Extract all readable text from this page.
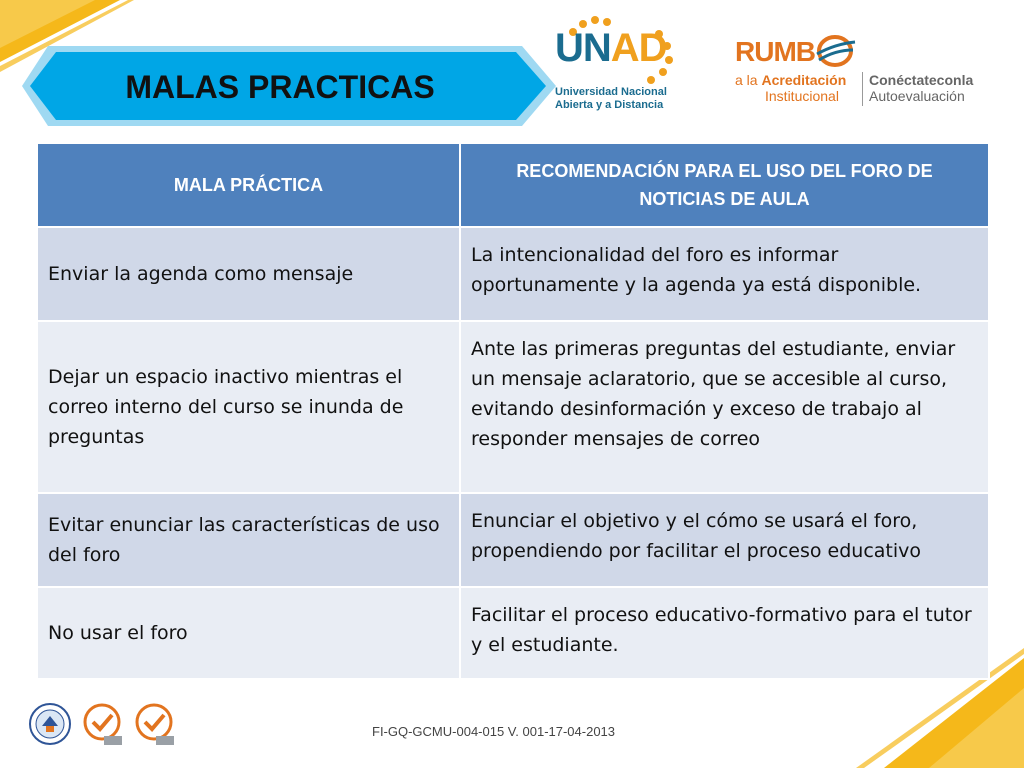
MALAS PRACTICAS
UNAD
Universidad Nacional
Abierta y a Distancia
RUMB
a la Acreditación
Institucional
Conéctateconla
Autoevaluación
MALA PRÁCTICA	RECOMENDACIÓN PARA EL USO DEL FORO DE NOTICIAS DE AULA
Enviar la agenda como mensaje	La intencionalidad del foro es informar oportunamente y la agenda ya está disponible.
Dejar un espacio inactivo mientras el correo interno del curso se inunda de preguntas	Ante las primeras preguntas del estudiante, enviar un mensaje aclaratorio, que se accesible al curso, evitando desinformación y exceso de trabajo al responder mensajes de correo
Evitar enunciar las características de uso del foro	Enunciar el objetivo y el cómo se usará el foro, propendiendo por facilitar el proceso educativo
No usar el foro	Facilitar el proceso educativo-formativo para el tutor y el estudiante.
FI-GQ-GCMU-004-015 V. 001-17-04-2013
